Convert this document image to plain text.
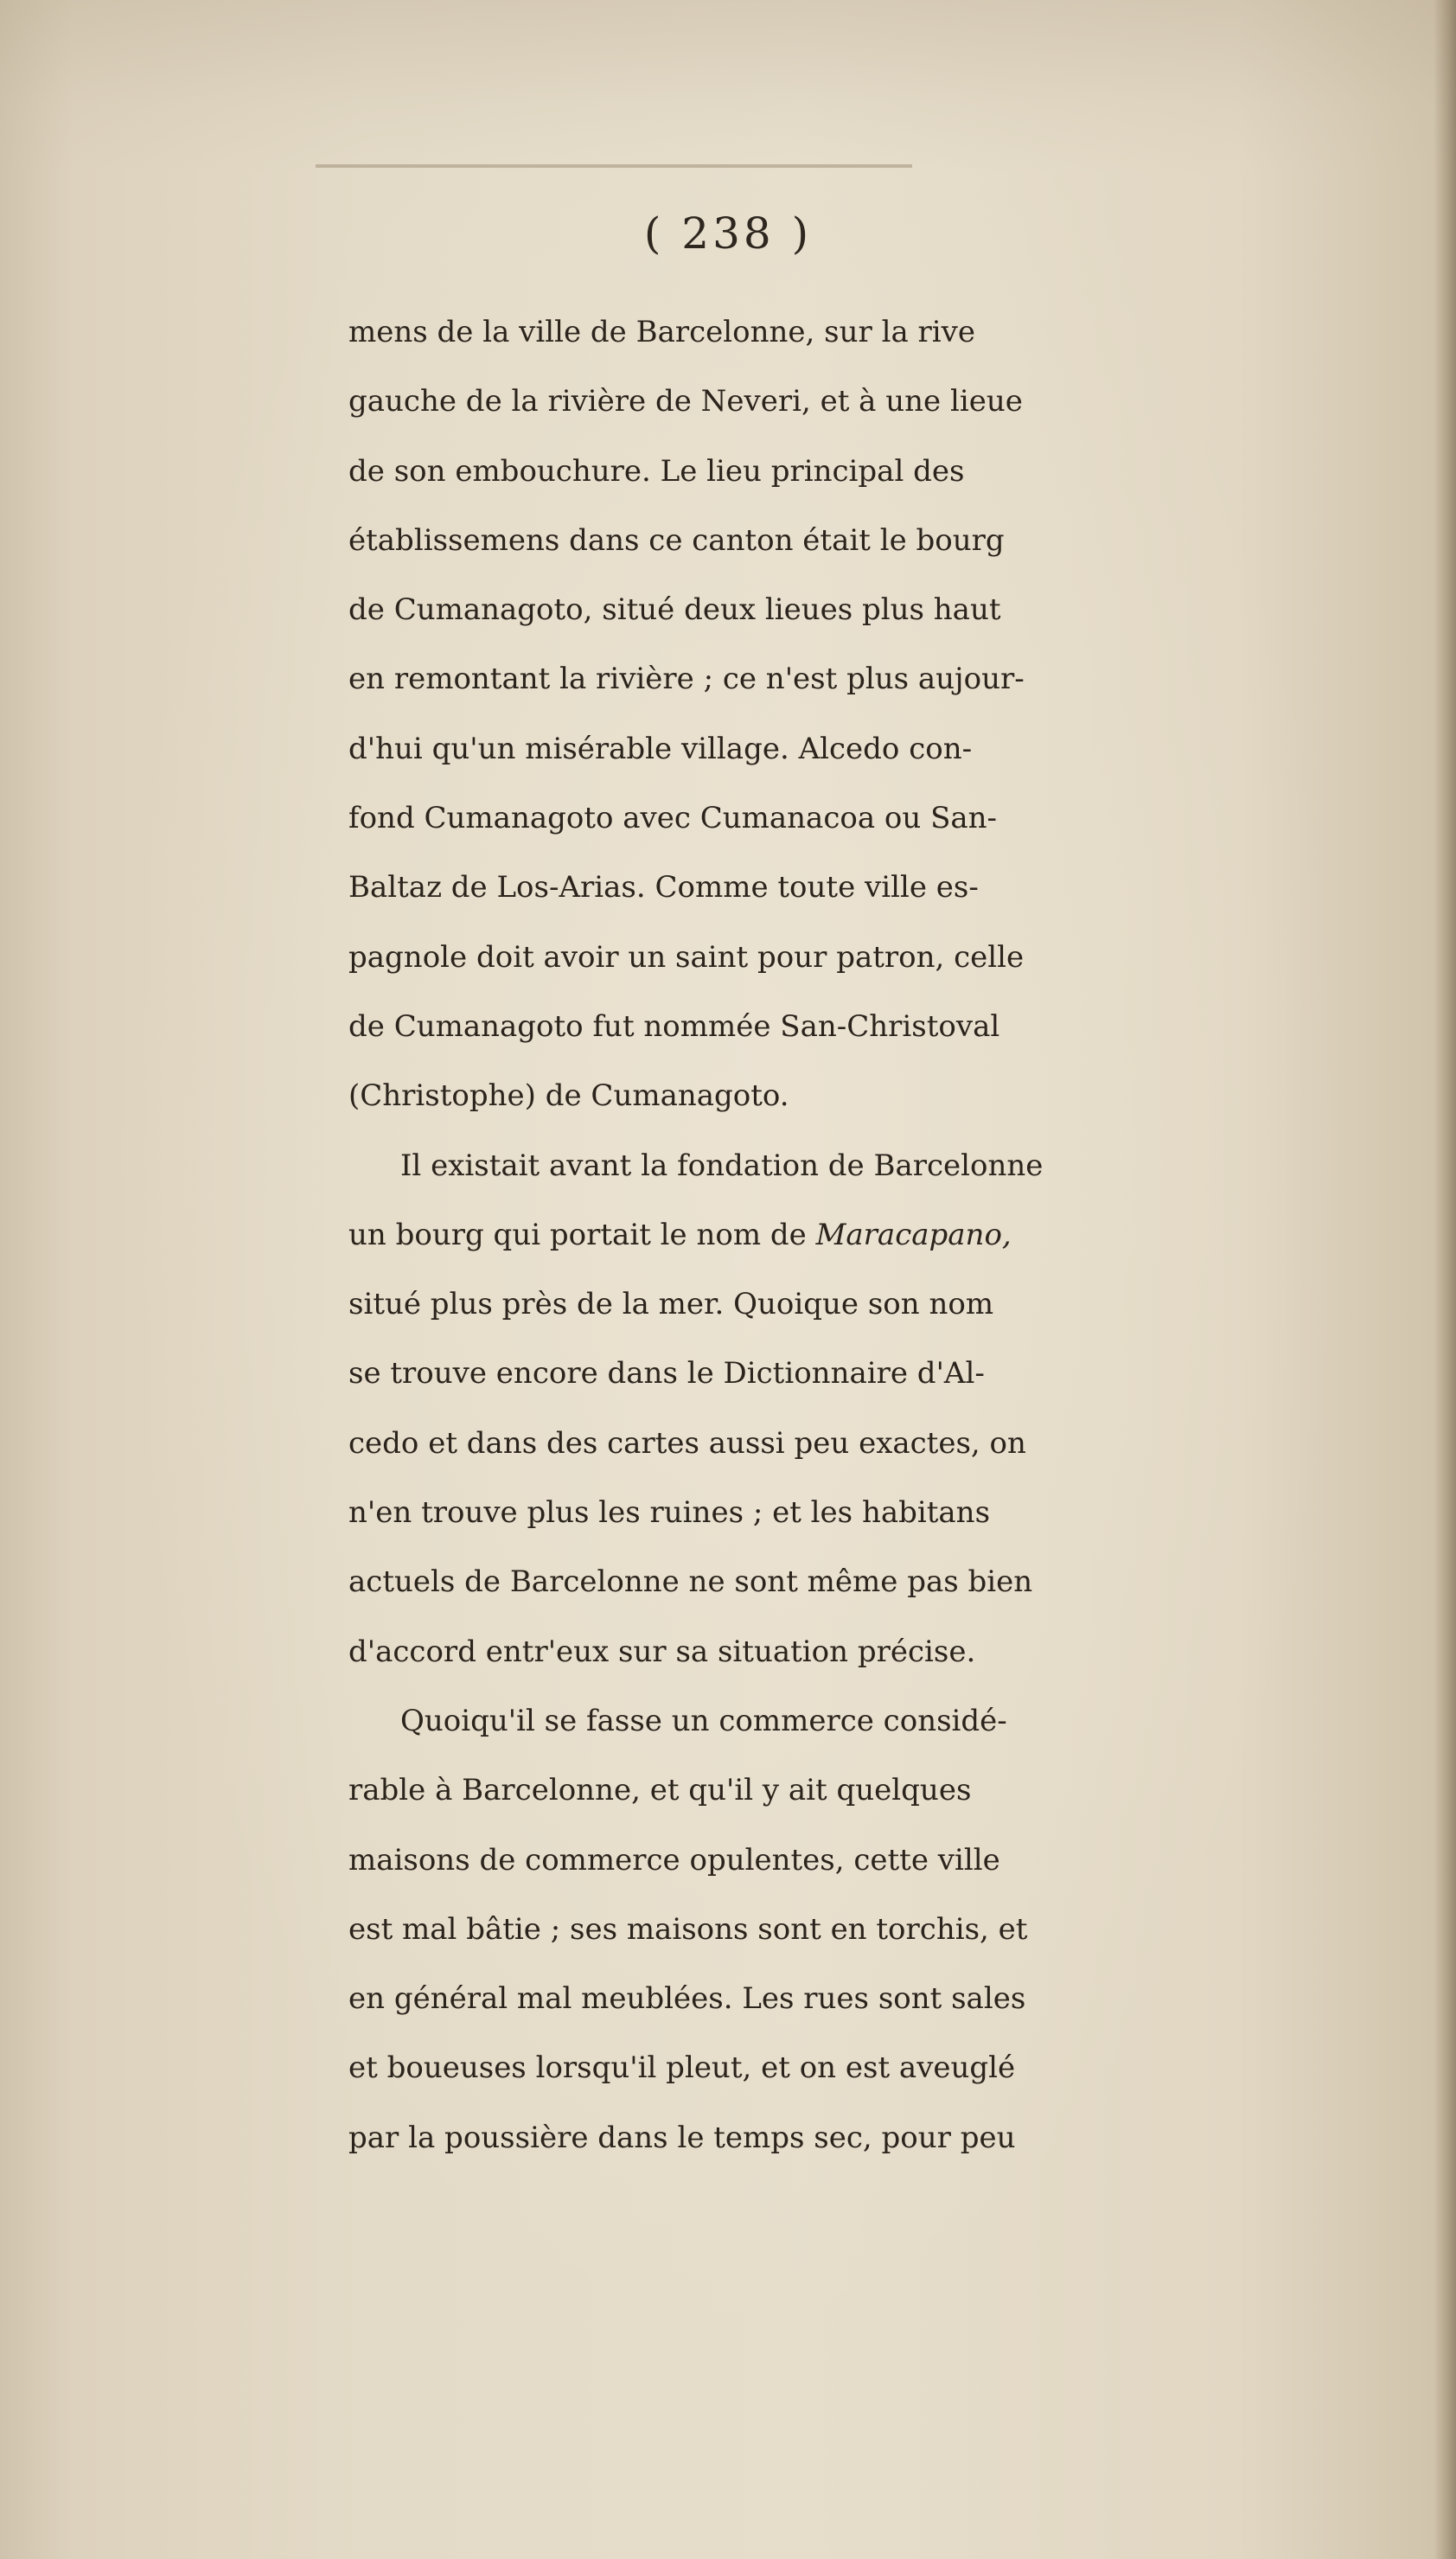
( 238 )
mens de la ville de Barcelonne, sur la rive
gauche de la rivière de Neveri, et à une lieue
de son embouchure. Le lieu principal des
établissemens dans ce canton était le bourg
de Cumanagoto, situé deux lieues plus haut
en remontant la rivière ; ce n'est plus aujour-
d'hui qu'un misérable village. Alcedo con-
fond Cumanagoto avec Cumanacoa ou San-
Baltaz de Los-Arias. Comme toute ville es-
pagnole doit avoir un saint pour patron, celle
de Cumanagoto fut nommée San-Christoval
(Christophe) de Cumanagoto.
Il existait avant la fondation de Barcelonne
un bourg qui portait le nom de Maracapano,
situé plus près de la mer. Quoique son nom
se trouve encore dans le Dictionnaire d'Al-
cedo et dans des cartes aussi peu exactes, on
n'en trouve plus les ruines ; et les habitans
actuels de Barcelonne ne sont même pas bien
d'accord entr'eux sur sa situation précise.
Quoiqu'il se fasse un commerce considé-
rable à Barcelonne, et qu'il y ait quelques
maisons de commerce opulentes, cette ville
est mal bâtie ; ses maisons sont en torchis, et
en général mal meublées. Les rues sont sales
et boueuses lorsqu'il pleut, et on est aveuglé
par la poussière dans le temps sec, pour peu
